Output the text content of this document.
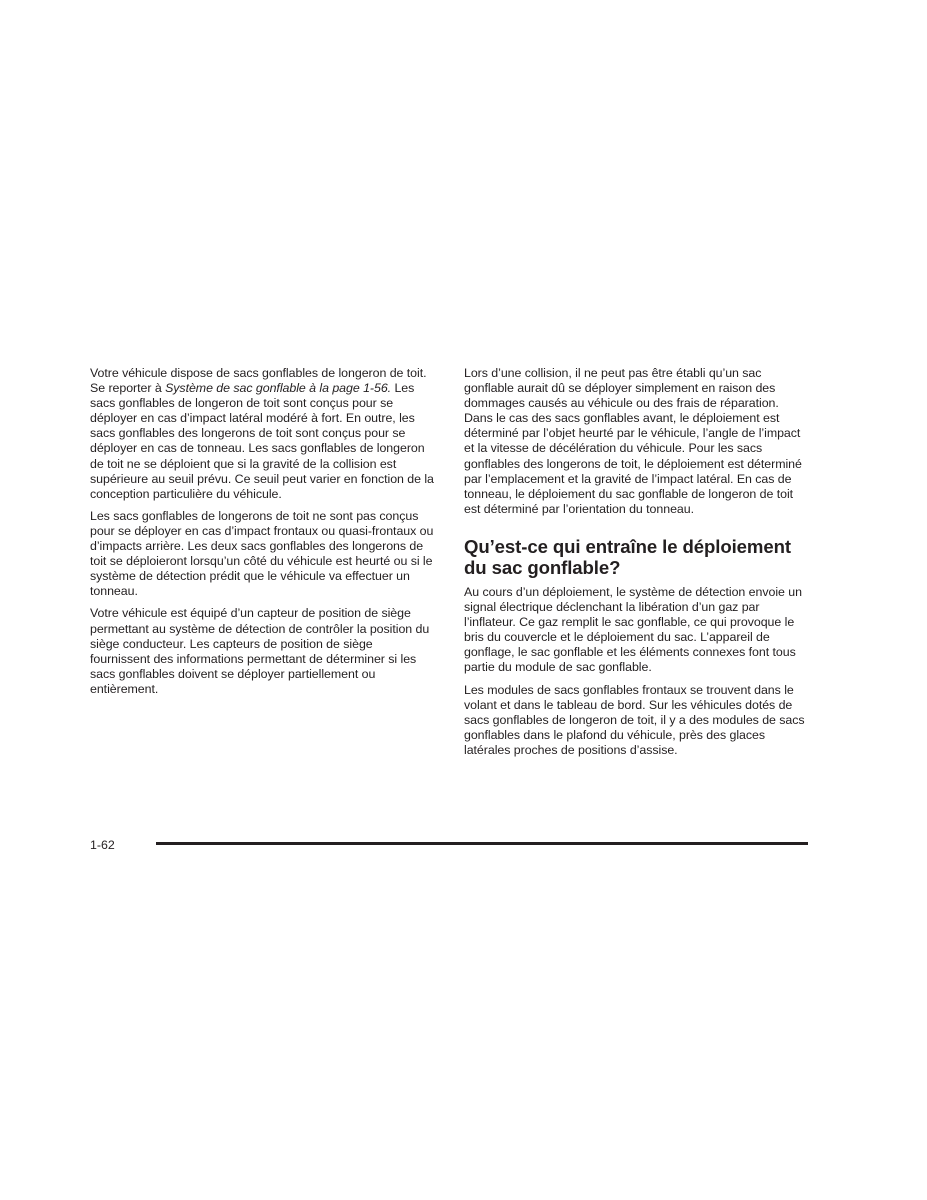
Votre véhicule dispose de sacs gonflables de longeron de toit. Se reporter à Système de sac gonflable à la page 1-56. Les sacs gonflables de longeron de toit sont conçus pour se déployer en cas d’impact latéral modéré à fort. En outre, les sacs gonflables des longerons de toit sont conçus pour se déployer en cas de tonneau. Les sacs gonflables de longeron de toit ne se déploient que si la gravité de la collision est supérieure au seuil prévu. Ce seuil peut varier en fonction de la conception particulière du véhicule.

Les sacs gonflables de longerons de toit ne sont pas conçus pour se déployer en cas d’impact frontaux ou quasi-frontaux ou d’impacts arrière. Les deux sacs gonflables des longerons de toit se déploieront lorsqu’un côté du véhicule est heurté ou si le système de détection prédit que le véhicule va effectuer un tonneau.

Votre véhicule est équipé d’un capteur de position de siège permettant au système de détection de contrôler la position du siège conducteur. Les capteurs de position de siège fournissent des informations permettant de déterminer si les sacs gonflables doivent se déployer partiellement ou entièrement.

Lors d’une collision, il ne peut pas être établi qu’un sac gonflable aurait dû se déployer simplement en raison des dommages causés au véhicule ou des frais de réparation. Dans le cas des sacs gonflables avant, le déploiement est déterminé par l’objet heurté par le véhicule, l’angle de l’impact et la vitesse de décélération du véhicule. Pour les sacs gonflables des longerons de toit, le déploiement est déterminé par l’emplacement et la gravité de l’impact latéral. En cas de tonneau, le déploiement du sac gonflable de longeron de toit est déterminé par l’orientation du tonneau.

Qu’est-ce qui entraîne le déploiement du sac gonflable?

Au cours d’un déploiement, le système de détection envoie un signal électrique déclenchant la libération d’un gaz par l’inflateur. Ce gaz remplit le sac gonflable, ce qui provoque le bris du couvercle et le déploiement du sac. L’appareil de gonflage, le sac gonflable et les éléments connexes font tous partie du module de sac gonflable.

Les modules de sacs gonflables frontaux se trouvent dans le volant et dans le tableau de bord. Sur les véhicules dotés de sacs gonflables de longeron de toit, il y a des modules de sacs gonflables dans le plafond du véhicule, près des glaces latérales proches de positions d’assise.

1-62
